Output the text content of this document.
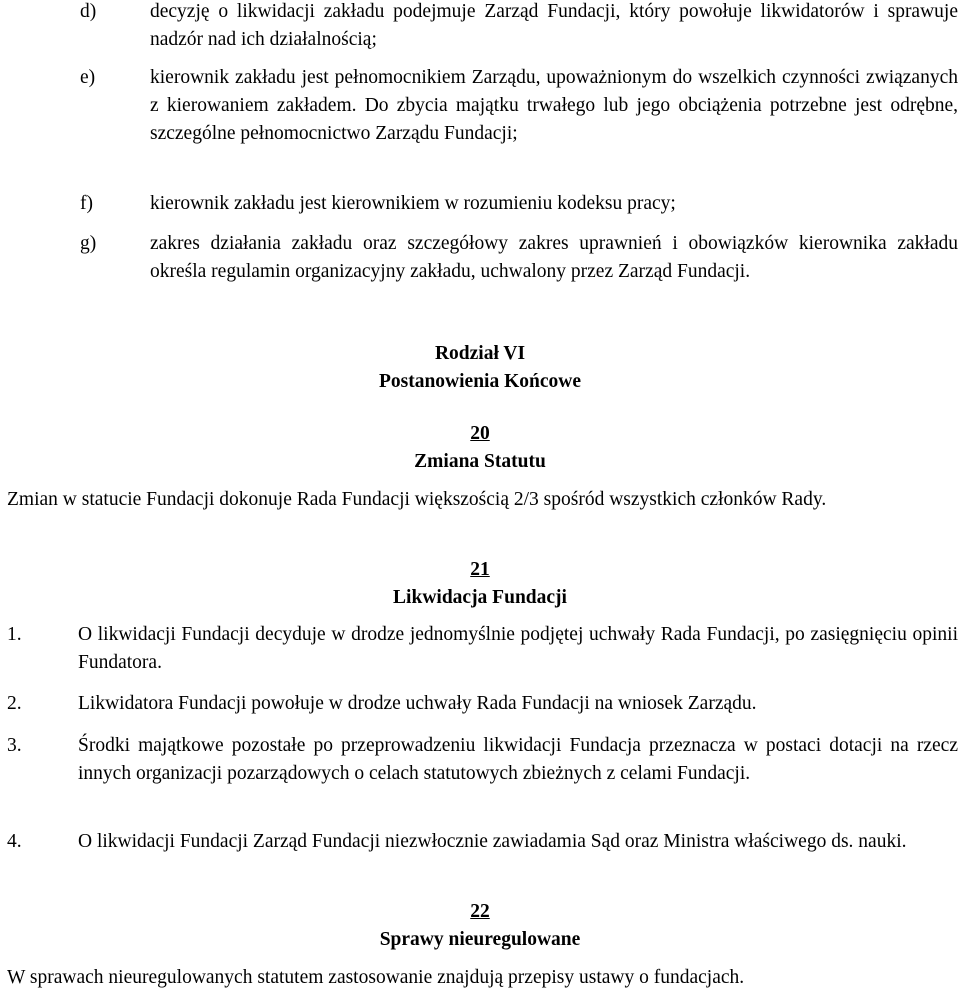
d)	decyzję o likwidacji zakładu podejmuje Zarząd Fundacji, który powołuje likwidatorów i sprawuje nadzór nad ich działalnością;
e)	kierownik zakładu jest pełnomocnikiem Zarządu, upoważnionym do wszelkich czynności związanych z kierowaniem zakładem. Do zbycia majątku trwałego lub jego obciążenia potrzebne jest odrębne, szczególne pełnomocnictwo Zarządu Fundacji;
f)	kierownik zakładu jest kierownikiem w rozumieniu kodeksu pracy;
g)	zakres działania zakładu oraz szczegółowy zakres uprawnień i obowiązków kierownika zakładu określa regulamin organizacyjny zakładu, uchwalony przez Zarząd Fundacji.
Rodział VI
Postanowienia Końcowe
20
Zmiana Statutu
Zmian w statucie Fundacji dokonuje Rada Fundacji większością 2/3 spośród wszystkich członków Rady.
21
Likwidacja Fundacji
1.	O likwidacji Fundacji decyduje w drodze jednomyślnie podjętej uchwały Rada Fundacji, po zasięgnięciu opinii Fundatora.
2.	Likwidatora Fundacji powołuje w drodze uchwały Rada Fundacji na wniosek Zarządu.
3.	Środki majątkowe pozostałe po przeprowadzeniu likwidacji Fundacja przeznacza w postaci dotacji na rzecz innych organizacji pozarządowych o celach statutowych zbieżnych z celami Fundacji.
4.	O likwidacji Fundacji Zarząd Fundacji niezwłocznie zawiadamia Sąd oraz Ministra właściwego ds. nauki.
22
Sprawy nieuregulowane
W sprawach nieuregulowanych statutem zastosowanie znajdują przepisy ustawy o fundacjach.
